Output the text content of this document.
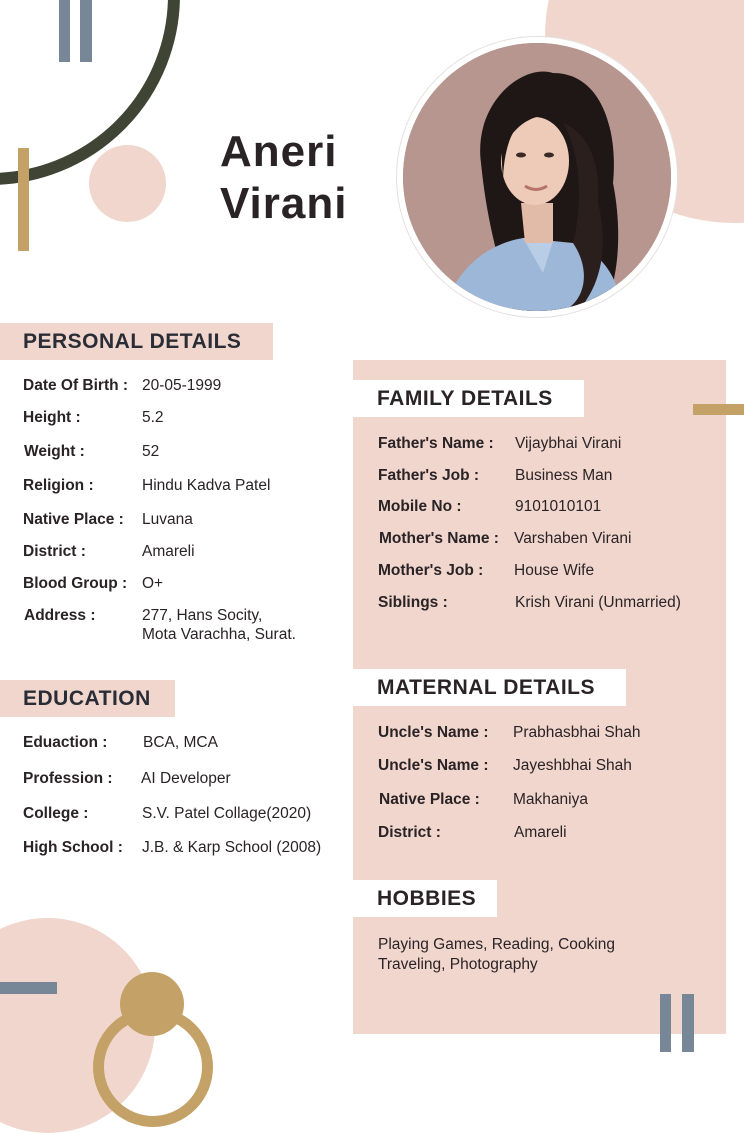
Aneri
Virani
PERSONAL DETAILS
Date Of Birth : 20-05-1999
Height :	5.2
Weight :	52
Religion :	Hindu Kadva Patel
Native Place : Luvana
District :	Amareli
Blood Group : O+
Address :	277, Hans Socity,
Mota Varachha, Surat.
EDUCATION
Eduaction : BCA, MCA
Profession : AI Developer
College :	S.V. Patel Collage(2020)
High School : J.B. & Karp School (2008)
FAMILY DETAILS
Father's Name : Vijaybhai Virani
Father's Job : Business Man
Mobile No :	9101010101
Mother's Name : Varshaben Virani
Mother's Job : House Wife
Siblings :	Krish Virani (Unmarried)
MATERNAL DETAILS
Uncle's Name : Prabhasbhai Shah
Uncle's Name : Jayeshbhai Shah
Native Place : Makhaniya
District :	Amareli
HOBBIES
Playing Games, Reading, Cooking
Traveling, Photography
